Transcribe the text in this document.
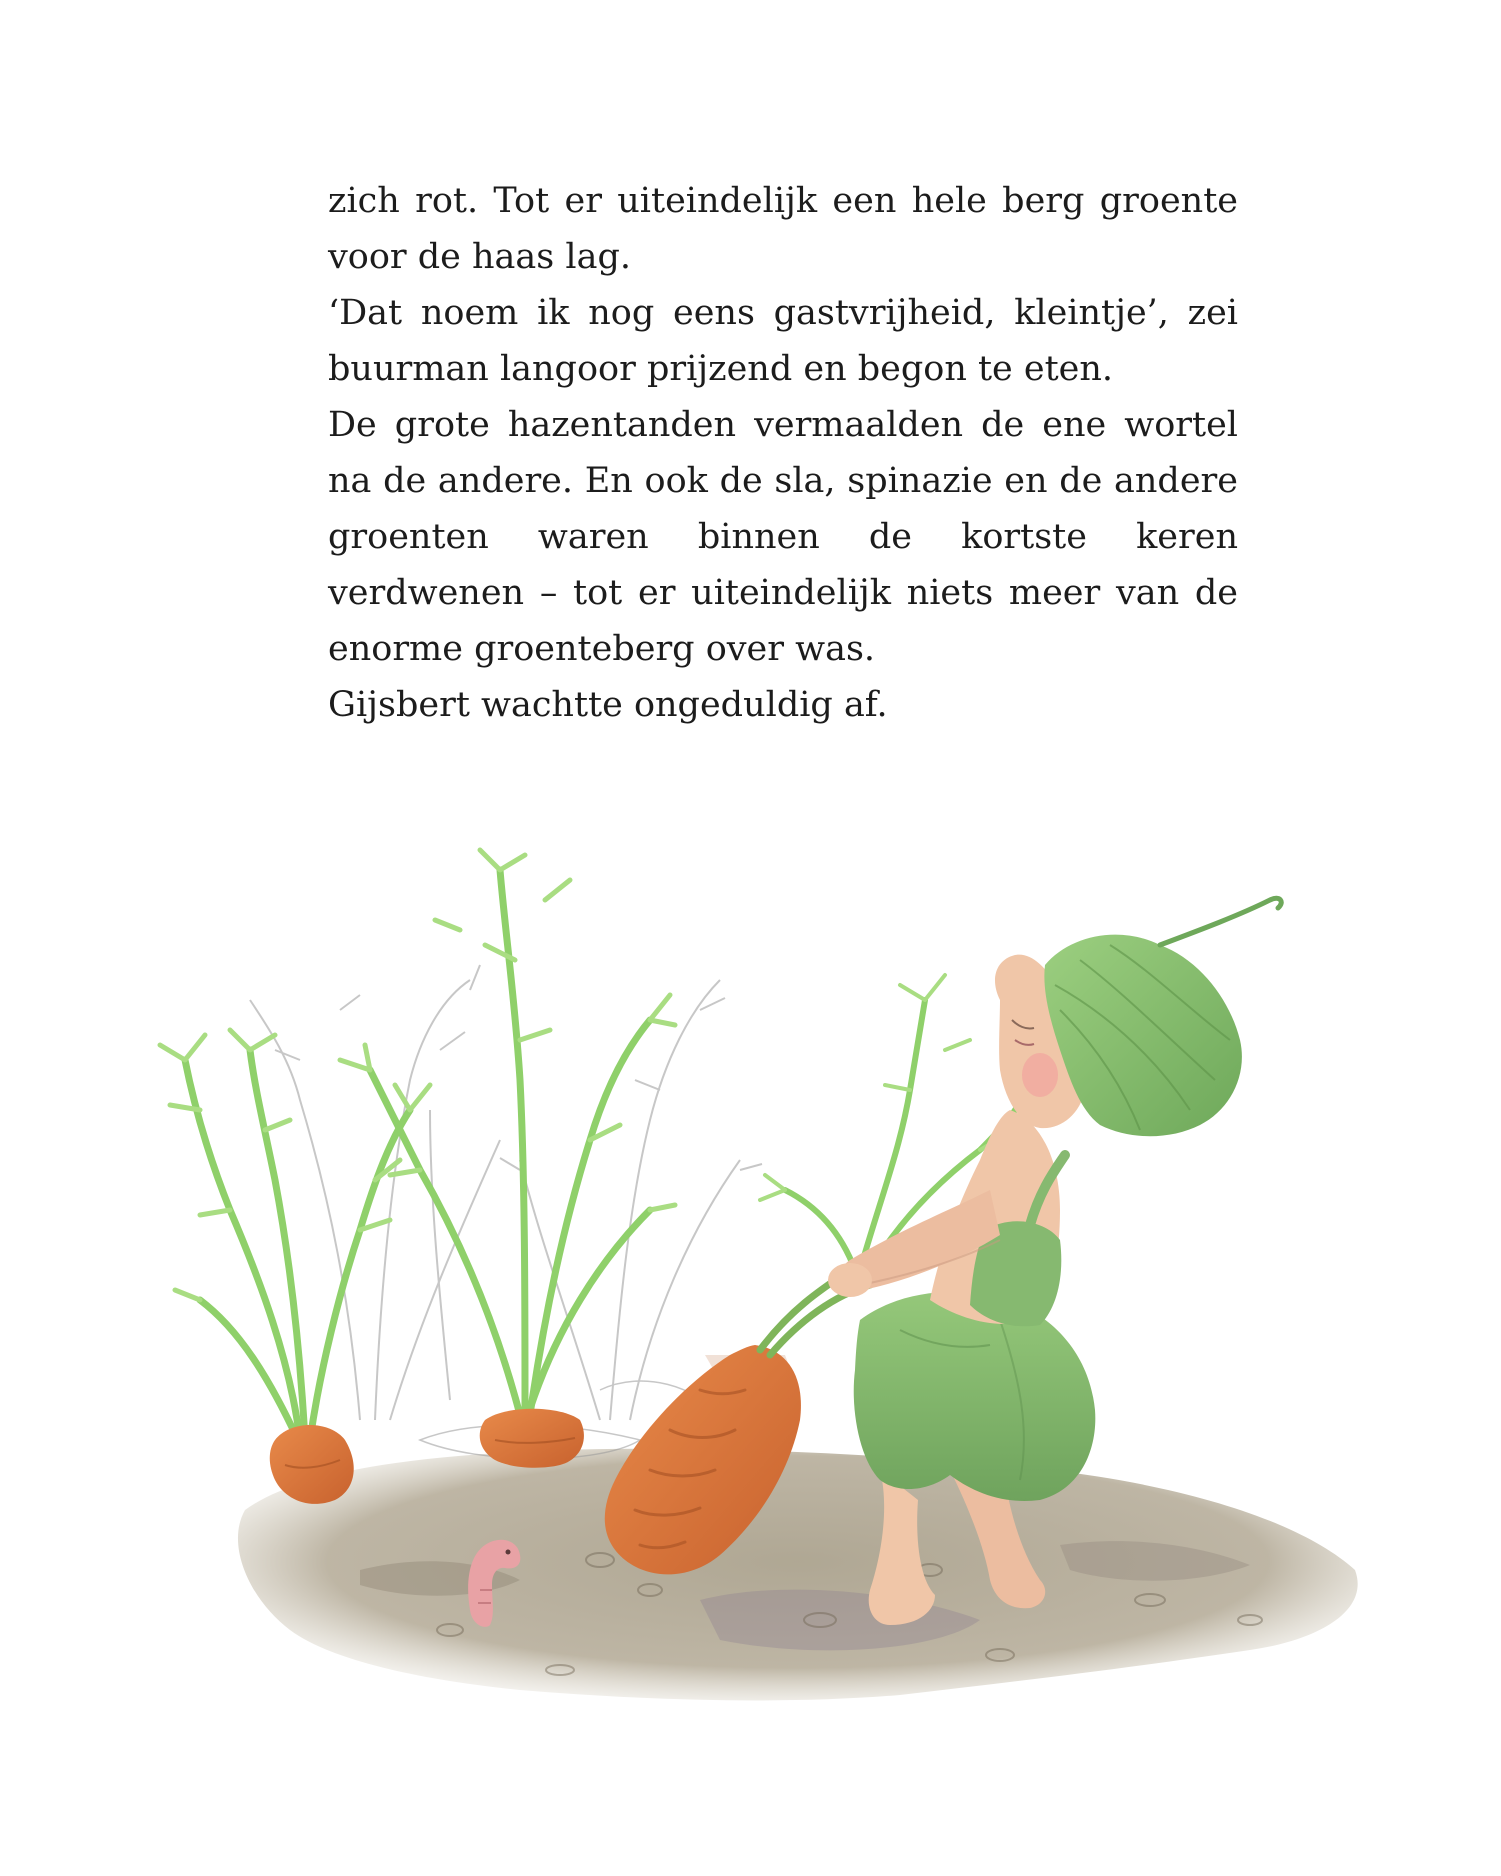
zich rot. Tot er uiteindelijk een hele berg groente voor de haas lag.

‘Dat noem ik nog eens gastvrijheid, kleintje’, zei buurman langoor prijzend en begon te eten.

De grote hazentanden vermaalden de ene wortel na de andere. En ook de sla, spinazie en de andere groenten waren binnen de kortste keren verdwenen – tot er uiteindelijk niets meer van de enorme groenteberg over was.

Gijsbert wachtte ongeduldig af.
